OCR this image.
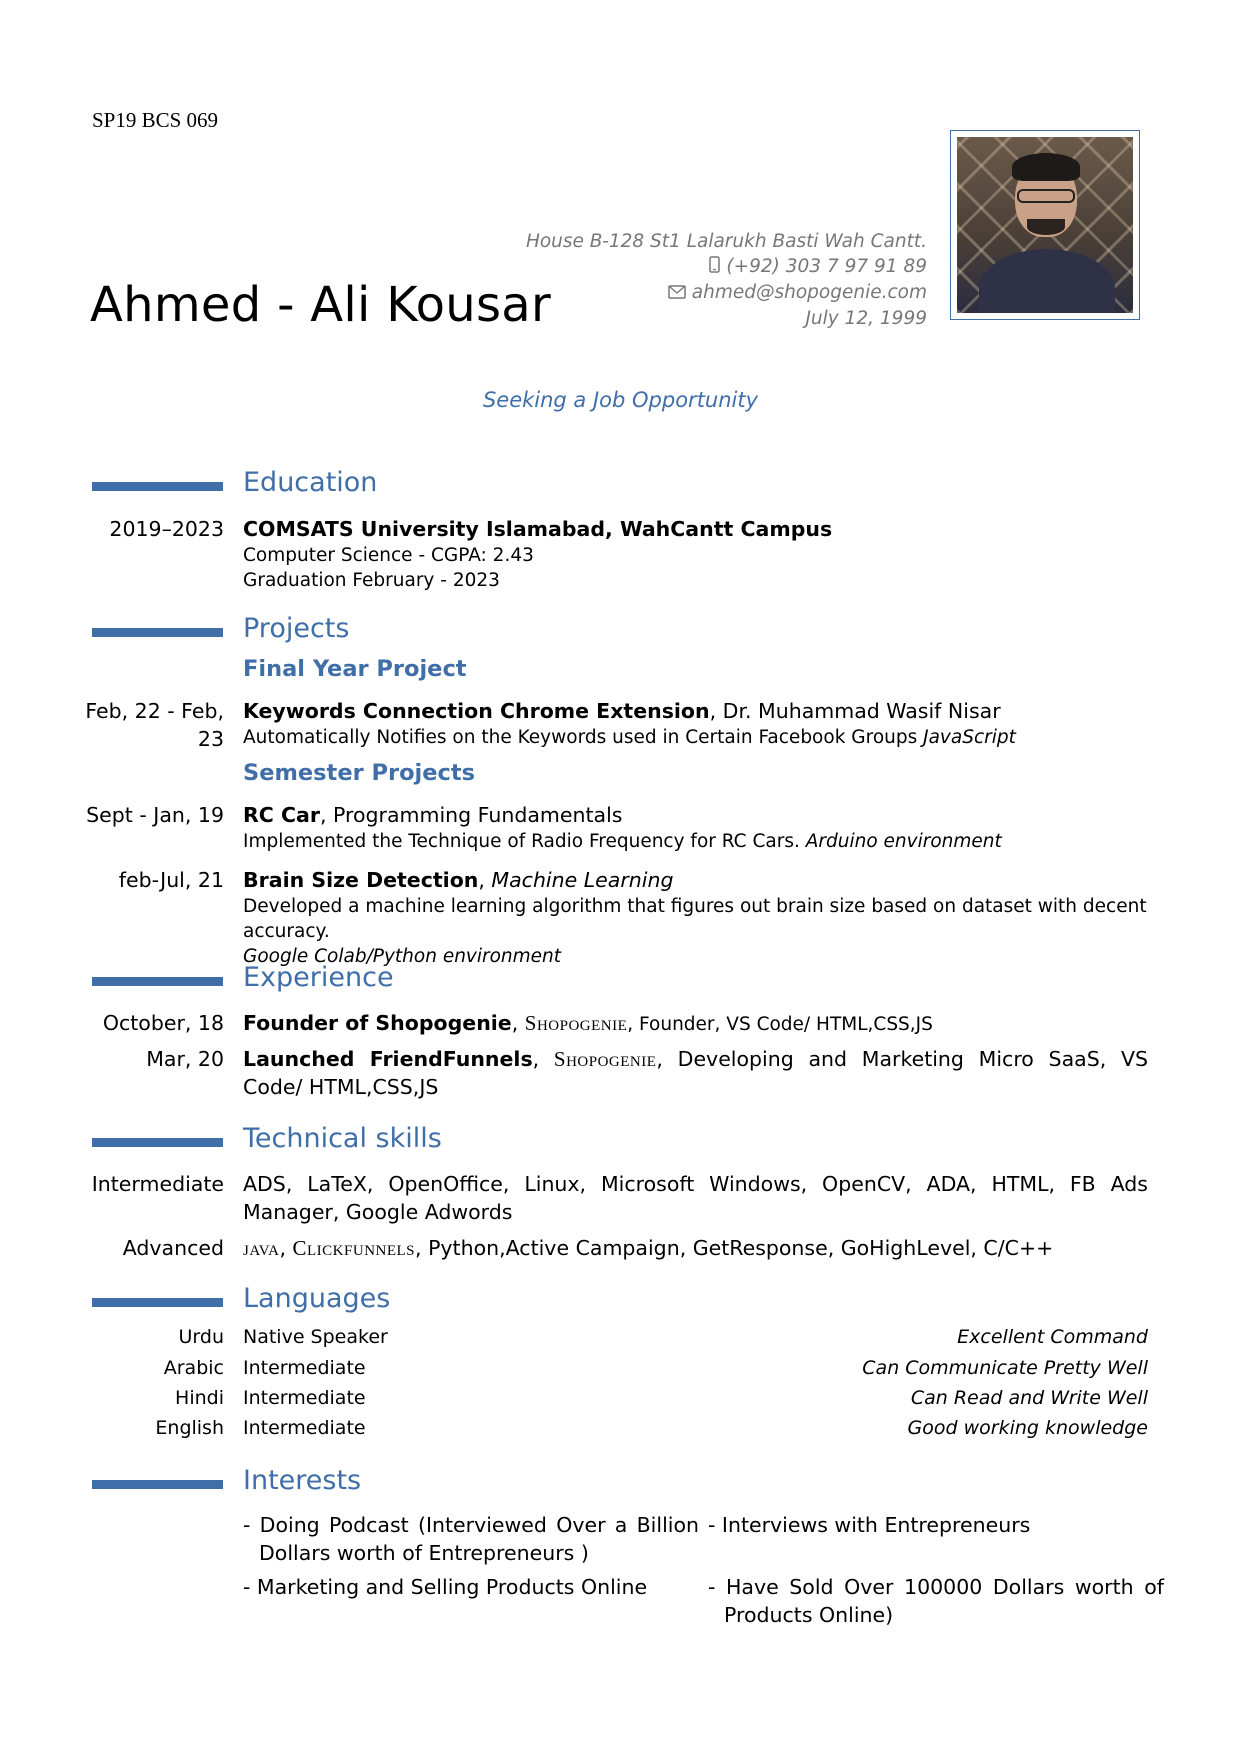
SP19 BCS 069
Ahmed - Ali Kousar
House B-128 St1 Lalarukh Basti Wah Cantt.
(+92) 303 7 97 91 89
ahmed@shopogenie.com
July 12, 1999
Seeking a Job Opportunity
Education
2019–2023 COMSATS University Islamabad, WahCantt Campus
Computer Science - CGPA: 2.43
Graduation February - 2023
Projects
Final Year Project
Feb, 22 - Feb,
23
Keywords Connection Chrome Extension, Dr. Muhammad Wasif Nisar
Automatically Notifies on the Keywords used in Certain Facebook Groups JavaScript
Semester Projects
Sept - Jan, 19 RC Car, Programming Fundamentals
Implemented the Technique of Radio Frequency for RC Cars. Arduino environment
feb-Jul, 21 Brain Size Detection, Machine Learning
Developed a machine learning algorithm that figures out brain size based on dataset with decent accuracy.
Google Colab/Python environment
Experience
October, 18 Founder of Shopogenie, Shopogenie, Founder, VS Code/ HTML,CSS,JS
Mar, 20 Launched FriendFunnels, Shopogenie, Developing and Marketing Micro SaaS, VS Code/ HTML,CSS,JS
Technical skills
Intermediate ADS, LaTeX, OpenOffice, Linux, Microsoft Windows, OpenCV, ADA, HTML, FB Ads Manager, Google Adwords
Advanced java, Clickfunnels, Python,Active Campaign, GetResponse, GoHighLevel, C/C++
Languages
Urdu Native Speaker	Excellent Command
Arabic Intermediate	Can Communicate Pretty Well
Hindi Intermediate	Can Read and Write Well
English Intermediate	Good working knowledge
Interests
- Doing Podcast (Interviewed Over a Billion Dollars worth of Entrepreneurs )
- Interviews with Entrepreneurs
- Marketing and Selling Products Online	- Have Sold Over 100000 Dollars worth of Products Online)
